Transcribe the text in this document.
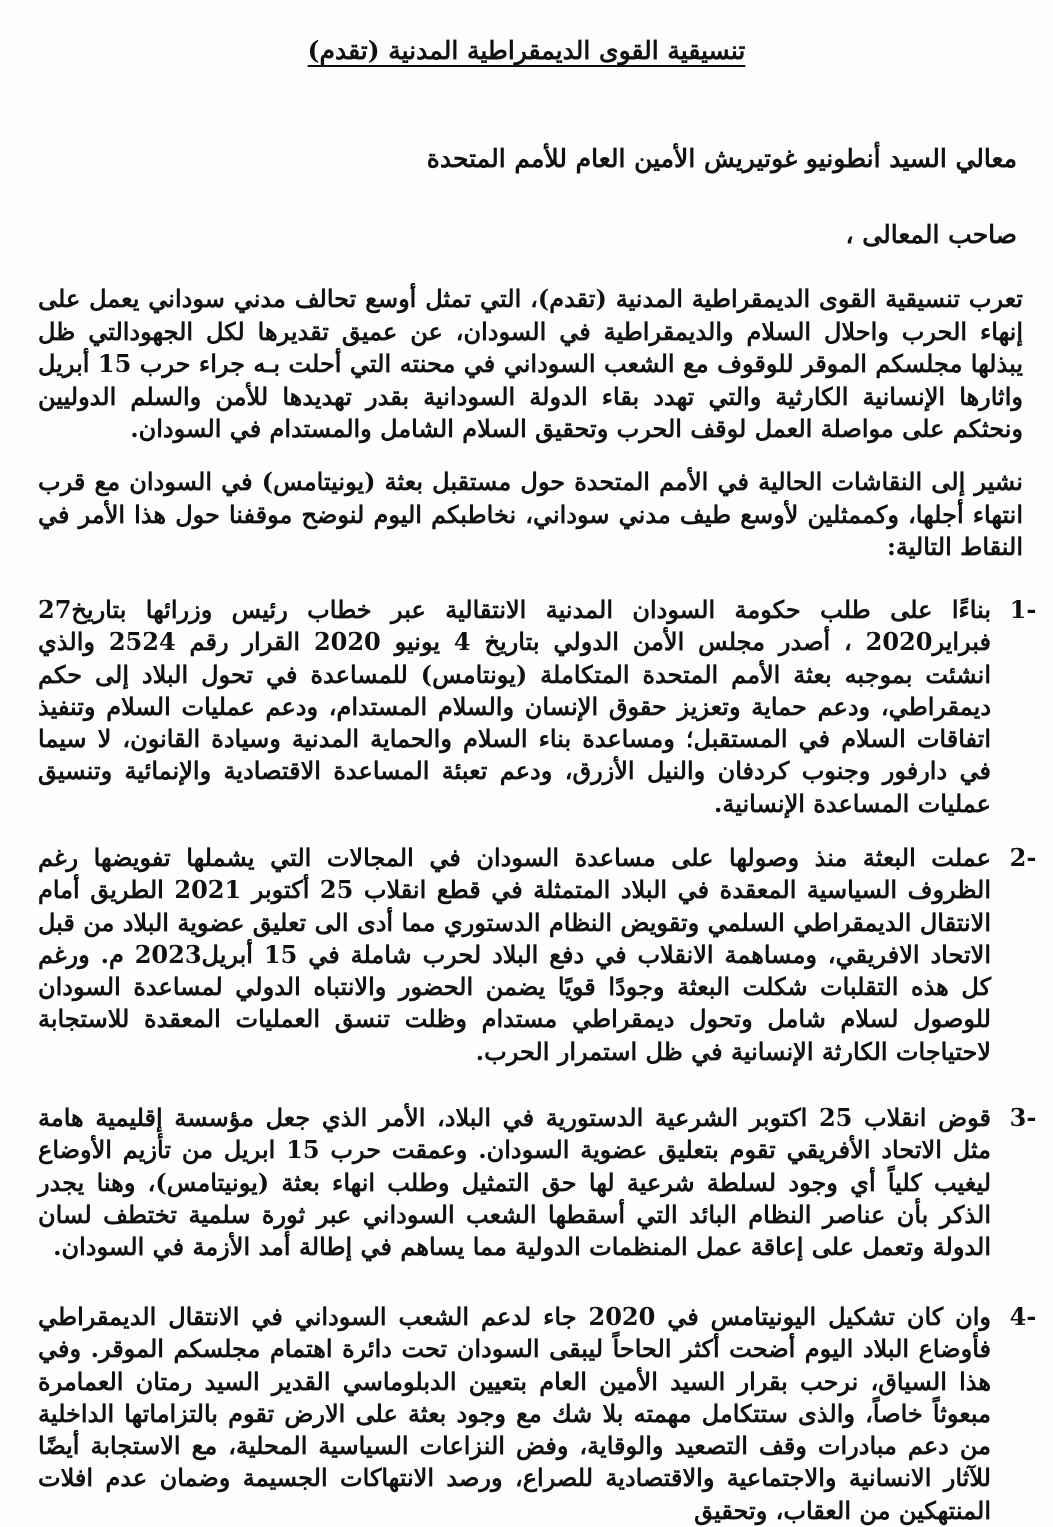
تنسيقية القوى الديمقراطية المدنية (تقدم)
معالي السيد أنطونيو غوتيريش الأمين العام للأمم المتحدة
صاحب المعالى ،
تعرب تنسيقية القوى الديمقراطية المدنية (تقدم)، التي تمثل أوسع تحالف مدني سوداني يعمل على إنهاء الحرب واحلال السلام والديمقراطية في السودان، عن عميق تقديرها لكل الجهودالتي ظل يبذلها مجلسكم الموقر للوقوف مع الشعب السوداني في محنته التي أحلت بـه جراء حرب 15 أبريل واثارها الإنسانية الكارثية والتي تهدد بقاء الدولة السودانية بقدر تهديدها للأمن والسلم الدوليين ونحثكم على مواصلة العمل لوقف الحرب وتحقيق السلام الشامل والمستدام في السودان.
نشير إلى النقاشات الحالية في الأمم المتحدة حول مستقبل بعثة (يونيتامس) في السودان مع قرب انتهاء أجلها، وكممثلين لأوسع طيف مدني سوداني، نخاطبكم اليوم لنوضح موقفنا حول هذا الأمر في النقاط التالية:
1-
بناءًا على طلب حكومة السودان المدنية الانتقالية عبر خطاب رئيس وزرائها بتاريخ27 فبراير2020 ، أصدر مجلس الأمن الدولي بتاريخ 4 يونيو 2020 القرار رقم 2524 والذي انشئت بموجبه بعثة الأمم المتحدة المتكاملة (يونتامس) للمساعدة في تحول البلاد إلى حكم ديمقراطي، ودعم حماية وتعزيز حقوق الإنسان والسلام المستدام، ودعم عمليات السلام وتنفيذ اتفاقات السلام في المستقبل؛ ومساعدة بناء السلام والحماية المدنية وسيادة القانون، لا سيما في دارفور وجنوب كردفان والنيل الأزرق، ودعم تعبئة المساعدة الاقتصادية والإنمائية وتنسيق عمليات المساعدة الإنسانية.
2-
عملت البعثة منذ وصولها على مساعدة السودان في المجالات التي يشملها تفويضها رغم الظروف السياسية المعقدة في البلاد المتمثلة في قطع انقلاب 25 أكتوبر 2021 الطريق أمام الانتقال الديمقراطي السلمي وتقويض النظام الدستوري مما أدى الى تعليق عضوية البلاد من قبل الاتحاد الافريقي، ومساهمة الانقلاب في دفع البلاد لحرب شاملة في 15 أبريل2023 م. ورغم كل هذه التقلبات شكلت البعثة وجودًا قويًا يضمن الحضور والانتباه الدولي لمساعدة السودان للوصول لسلام شامل وتحول ديمقراطي مستدام وظلت تنسق العمليات المعقدة للاستجابة لاحتياجات الكارثة الإنسانية في ظل استمرار الحرب.
3-
قوض انقلاب 25 اكتوبر الشرعية الدستورية في البلاد، الأمر الذي جعل مؤسسة إقليمية هامة مثل الاتحاد الأفريقي تقوم بتعليق عضوية السودان. وعمقت حرب 15 ابريل من تأزيم الأوضاع ليغيب كلياً أي وجود لسلطة شرعية لها حق التمثيل وطلب انهاء بعثة (يونيتامس)، وهنا يجدر الذكر بأن عناصر النظام البائد التي أسقطها الشعب السوداني عبر ثورة سلمية تختطف لسان الدولة وتعمل على إعاقة عمل المنظمات الدولية مما يساهم في إطالة أمد الأزمة في السودان.
4-
وان كان تشكيل اليونيتامس في 2020 جاء لدعم الشعب السوداني في الانتقال الديمقراطي فأوضاع البلاد اليوم أضحت أكثر الحاحاً ليبقى السودان تحت دائرة اهتمام مجلسكم الموقر. وفي هذا السياق، نرحب بقرار السيد الأمين العام بتعيين الدبلوماسي القدير السيد رمتان العمامرة مبعوثاً خاصاً، والذى ستتكامل مهمته بلا شك مع وجود بعثة على الارض تقوم بالتزاماتها الداخلية من دعم مبادرات وقف التصعيد والوقاية، وفض النزاعات السياسية المحلية، مع الاستجابة أيضًا للآثار الانسانية والاجتماعية والاقتصادية للصراع، ورصد الانتهاكات الجسيمة وضمان عدم افلات المنتهكين من العقاب، وتحقيق
